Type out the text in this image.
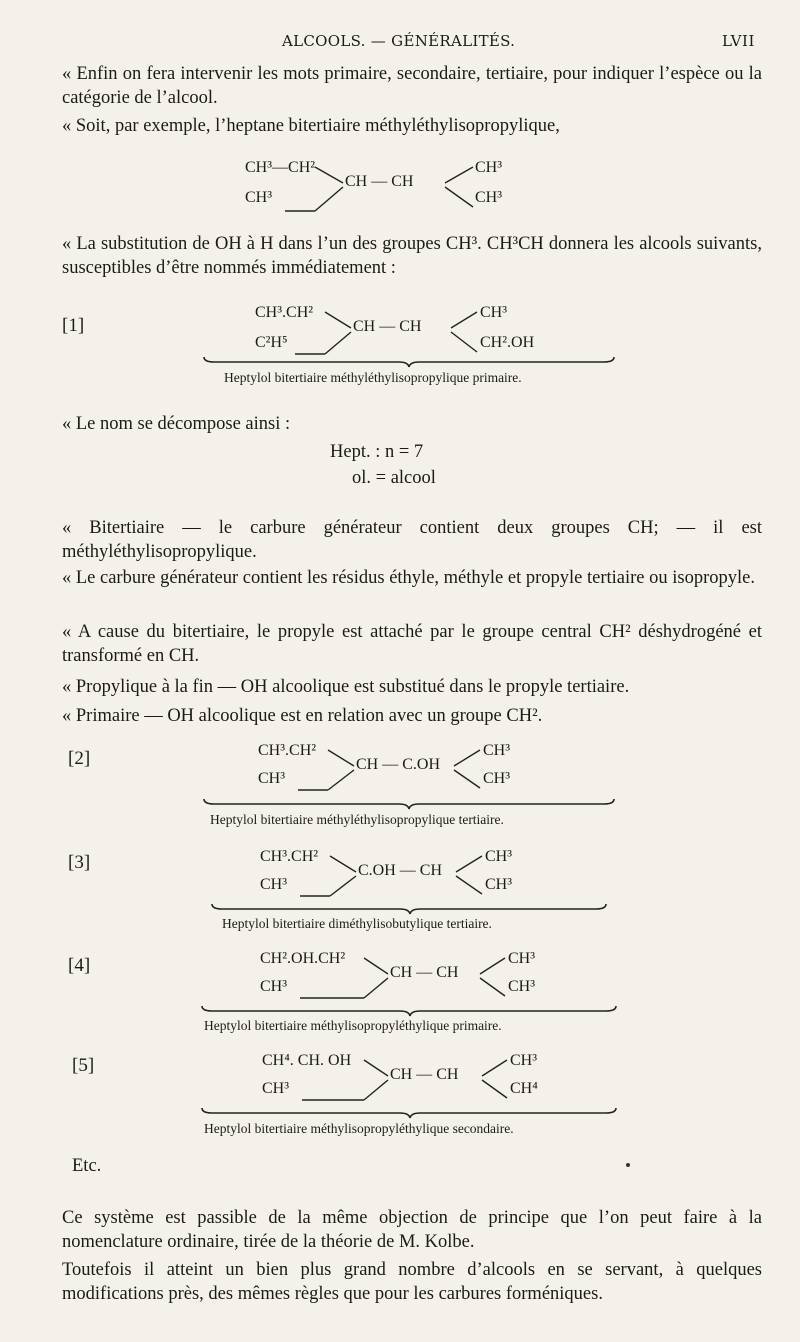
ALCOOLS. — GÉNÉRALITÉS.	LVII
« Enfin on fera intervenir les mots primaire, secondaire, tertiaire, pour indiquer l’espèce ou la catégorie de l’alcool.
« Soit, par exemple, l’heptane bitertiaire méthyléthylisopropylique,
CH³—CH²
CH³
CH — CH
CH³
CH³
« La substitution de OH à H dans l’un des groupes CH³. CH³CH donnera les alcools suivants, susceptibles d’être nommés immédiatement :
[1]
CH³.CH²
C²H⁵
CH — CH
CH³
CH².OH
Heptylol bitertiaire méthyléthylisopropylique primaire.
« Le nom se décompose ainsi :
Hept. : n = 7
ol. = alcool
« Bitertiaire — le carbure générateur contient deux groupes CH; — il est méthyléthylisopropylique.
« Le carbure générateur contient les résidus éthyle, méthyle et propyle tertiaire ou isopropyle.
« A cause du bitertiaire, le propyle est attaché par le groupe central CH² déshydrogéné et transformé en CH.
« Propylique à la fin — OH alcoolique est substitué dans le propyle tertiaire.
« Primaire — OH alcoolique est en relation avec un groupe CH².
[2]	CH³.CH²
CH³
CH — C.OH
CH³
CH³
Heptylol bitertiaire méthyléthylisopropylique tertiaire.
[3]	CH³.CH²
CH³
C.OH — CH
CH³
CH³
Heptylol bitertiaire diméthylisobutylique tertiaire.
[4]	CH².OH.CH²
CH³
CH — CH
CH³
CH³
Heptylol bitertiaire méthylisopropyléthylique primaire.
[5]	CH⁴. CH. OH
CH³
CH — CH
CH³
CH⁴
Heptylol bitertiaire méthylisopropyléthylique secondaire.
Etc.
Ce système est passible de la même objection de principe que l’on peut faire à la nomenclature ordinaire, tirée de la théorie de M. Kolbe.
Toutefois il atteint un bien plus grand nombre d’alcools en se servant, à quelques modifications près, des mêmes règles que pour les carbures forméniques.
